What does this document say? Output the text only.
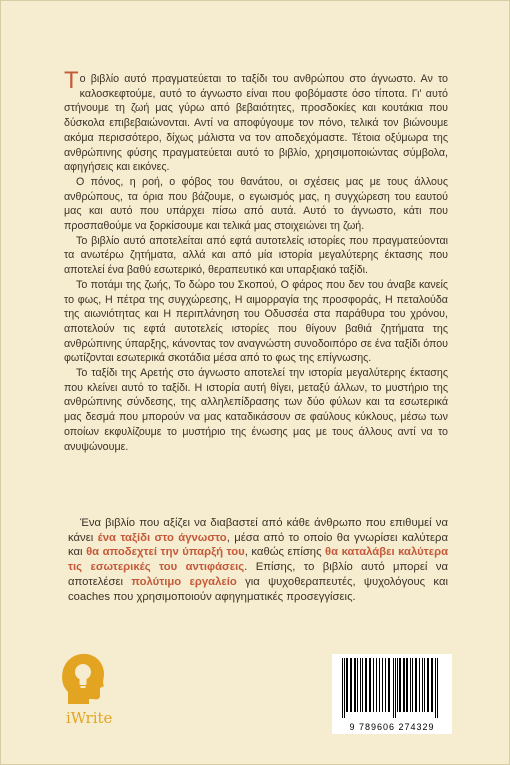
Το βιβλίο αυτό πραγματεύεται το ταξίδι του ανθρώπου στο άγνωστο. Αν το καλοσκεφτούμε, αυτό το άγνωστο είναι που φοβόμαστε όσο τίποτα. Γι' αυτό στήνουμε τη ζωή μας γύρω από βεβαιότητες, προσδοκίες και κουτάκια που δύσκολα επιβεβαιώνονται. Αντί να αποφύγουμε τον πόνο, τελικά τον βιώνουμε ακόμα περισσότερο, δίχως μάλιστα να τον αποδεχόμαστε. Τέτοια οξύμωρα της ανθρώπινης φύσης πραγματεύεται αυτό το βιβλίο, χρησιμοποιώντας σύμβολα, αφηγήσεις και εικόνες.

Ο πόνος, η ροή, ο φόβος του θανάτου, οι σχέσεις μας με τους άλλους ανθρώπους, τα όρια που βάζουμε, ο εγωισμός μας, η συγχώρεση του εαυτού μας και αυτό που υπάρχει πίσω από αυτά. Αυτό το άγνωστο, κάτι που προσπαθούμε να ξορκίσουμε και τελικά μας στοιχειώνει τη ζωή.

Το βιβλίο αυτό αποτελείται από εφτά αυτοτελείς ιστορίες που πραγματεύονται τα ανωτέρω ζητήματα, αλλά και από μία ιστορία μεγαλύτερης έκτασης που αποτελεί ένα βαθύ εσωτερικό, θεραπευτικό και υπαρξιακό ταξίδι.

Το ποτάμι της ζωής, Το δώρο του Σκοπού, Ο φάρος που δεν του άναβε κανείς το φως, Η πέτρα της συγχώρεσης, Η αιμορραγία της προσφοράς, Η πεταλούδα της αιωνιότητας και Η περιπλάνηση του Οδυσσέα στα παράθυρα του χρόνου, αποτελούν τις εφτά αυτοτελείς ιστορίες που θίγουν βαθιά ζητήματα της ανθρώπινης ύπαρξης, κάνοντας τον αναγνώστη συνοδοιπόρο σε ένα ταξίδι όπου φωτίζονται εσωτερικά σκοτάδια μέσα από το φως της επίγνωσης.

Το ταξίδι της Αρετής στο άγνωστο αποτελεί την ιστορία μεγαλύτερης έκτασης που κλείνει αυτό το ταξίδι. Η ιστορία αυτή θίγει, μεταξύ άλλων, το μυστήριο της ανθρώπινης σύνδεσης, της αλληλεπίδρασης των δύο φύλων και τα εσωτερικά μας δεσμά που μπορούν να μας καταδικάσουν σε φαύλους κύκλους, μέσω των οποίων εκφυλίζουμε το μυστήριο της ένωσης μας με τους άλλους αντί να το ανυψώνουμε.

Ένα βιβλίο που αξίζει να διαβαστεί από κάθε άνθρωπο που επιθυμεί να κάνει ένα ταξίδι στο άγνωστο, μέσα από το οποίο θα γνωρίσει καλύτερα και θα αποδεχτεί την ύπαρξή του, καθώς επίσης θα καταλάβει καλύτερα τις εσωτερικές του αντιφάσεις. Επίσης, το βιβλίο αυτό μπορεί να αποτελέσει πολύτιμο εργαλείο για ψυχοθεραπευτές, ψυχολόγους και coaches που χρησιμοποιούν αφηγηματικές προσεγγίσεις.

iWrite	9 789606 274329
